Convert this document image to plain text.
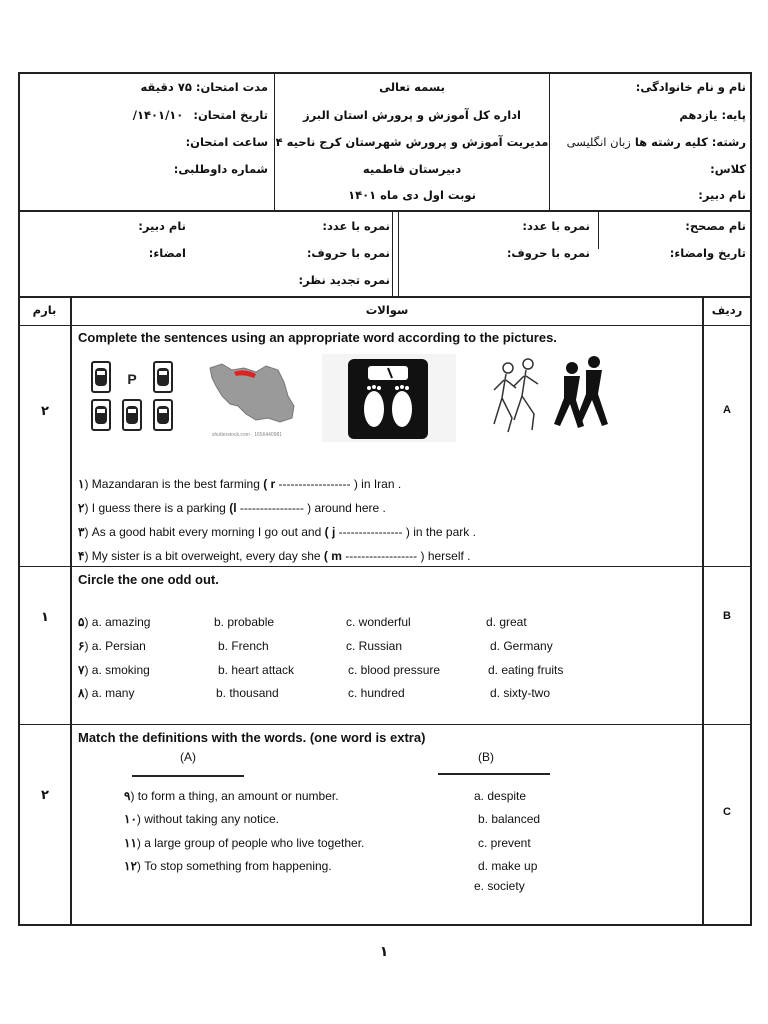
نام و نام خانوادگی:
پایه: یازدهم
رشته: کلیه رشته ها زبان انگلیسی
کلاس:
نام دبیر:
بسمه تعالی
اداره کل آموزش و پرورش استان البرز
مدیریت آموزش و پرورش شهرستان کرج ناحیه ۴
دبیرستان فاطمیه
نوبت اول دی ماه ۱۴۰۱
مدت امتحان: ۷۵ دقیقه
تاریخ امتحان: ۱۴۰۱/۱۰/
ساعت امتحان:
شماره داوطلبی:
نام مصحح:
تاریخ وامضاء:
نمره با عدد:
نمره با حروف:
نمره با عدد:
نمره با حروف:
نمره تجدید نظر:
نام دبیر:
امضاء:
ردیف
سوالات
بارم
A
۲
Complete the sentences using an appropriate word according to the pictures.
P
shutterstock.com · 1656440981
۱) Mazandaran is the best farming ( r ------------------ ) in Iran .
۲) I guess there is a parking (l ---------------- ) around here .
۳) As a good habit every morning I go out and ( j ---------------- ) in the park .
۴) My sister is a bit overweight, every day she ( m ------------------ ) herself .
B
۱
Circle the one odd out.
۵) a. amazing	b. probable	c. wonderful	d. great
۶) a. Persian	b. French	c. Russian	d. Germany
۷) a. smoking	b. heart attack	c. blood pressure	d. eating fruits
۸) a. many	b. thousand	c. hundred	d. sixty-two
C
۲
Match the definitions with the words. (one word is extra)
(A)	(B)
۹) to form a thing, an amount or number.
۱۰) without taking any notice.
۱۱) a large group of people who live together.
۱۲) To stop something from happening.
a. despite
b. balanced
c. prevent
d. make up
e. society
۱
